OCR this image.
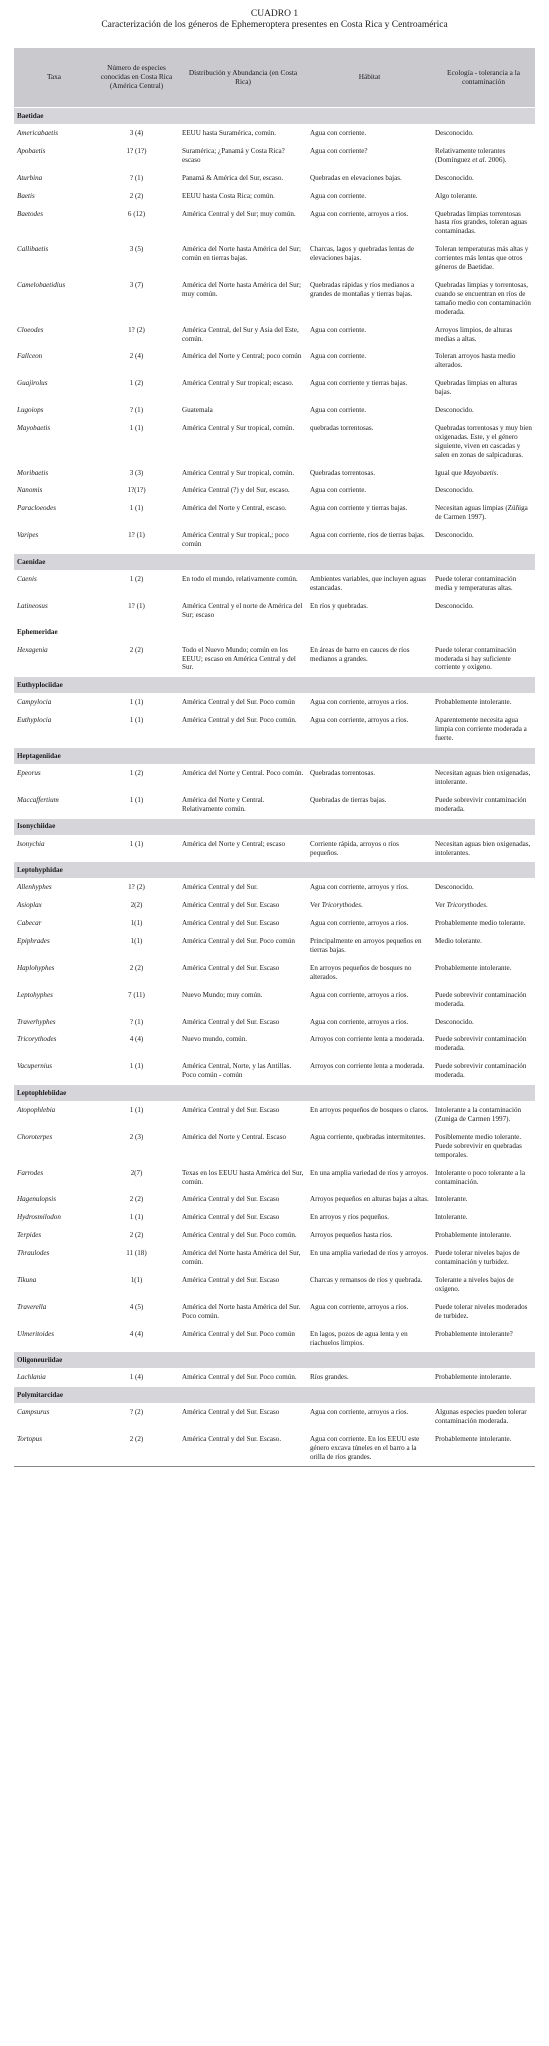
CUADRO 1
Caracterización de los géneros de Ephemeroptera presentes en Costa Rica y Centroamérica
Taxa	Número de especies conocidas en Costa Rica (América Central)	Distribución y Abundancia (en Costa Rica)	Hábitat	Ecología - tolerancia a la contaminación
Baetidae				
Americabaetis	3 (4)	EEUU hasta Suramérica, común.	Agua con corriente.	Desconocido.
Apobaetis	1? (1?)	Suramérica; ¿Panamá y Costa Rica? escaso	Agua con corriente?	Relativamente tolerantes (Domínguez et al. 2006).
Aturbina	? (1)	Panamá & América del Sur, escaso.	Quebradas en elevaciones bajas.	Desconocido.
Baetis	2 (2)	EEUU hasta Costa Rica; común.	Agua con corriente.	Algo tolerante.
Baetodes	6 (12)	América Central y del Sur; muy común.	Agua con corriente, arroyos a ríos.	Quebradas limpias torrentosas hasta ríos grandes, toleran aguas contaminadas.
Callibaetis	3 (5)	América del Norte hasta América del Sur; común en tierras bajas.	Charcas, lagos y quebradas lentas de elevaciones bajas.	Toleran temperaturas más altas y corrientes más lentas que otros géneros de Baetidae.
Camelobaetidius	3 (7)	América del Norte hasta América del Sur; muy común.	Quebradas rápidas y ríos medianos a grandes de montañas y tierras bajas.	Quebradas limpias y torrentosas, cuando se encuentran en ríos de tamaño medio con contaminación moderada.
Cloeodes	1? (2)	América Central, del Sur y Asia del Este, común.	Agua con corriente.	Arroyos limpios, de alturas medias a altas.
Fallceon	2 (4)	América del Norte y Central; poco común	Agua con corriente.	Toleran arroyos hasta medio alterados.
Guajirolus	1 (2)	América Central y Sur tropical; escaso.	Agua con corriente y tierras bajas.	Quebradas limpias en alturas bajas.
Lugoiops	? (1)	Guatemala	Agua con corriente.	Desconocido.
Mayobaetis	1 (1)	América Central y Sur tropical, común.	quebradas torrentosas.	Quebradas torrentosas y muy bien oxigenadas. Este, y el género siguiente, viven en cascadas y salen en zonas de salpicaduras.
Moribaetis	3 (3)	América Central y Sur tropical, común.	Quebradas torrentosas.	Igual que Mayobaetis.
Nanomis	1?(1?)	América Central (?) y del Sur, escaso.	Agua con corriente.	Desconocido.
Paracloeodes	1 (1)	América del Norte y Central, escaso.	Agua con corriente y tierras bajas.	Necesitan aguas limpias (Zúñiga de Carmen 1997).
Varipes	1? (1)	América Central y Sur tropical,; poco común	Agua con corriente, ríos de tierras bajas.	Desconocido.
Caenidae				
Caenis	1 (2)	En todo el mundo, relativamente común.	Ambientes variables, que incluyen aguas estancadas.	Puede tolerar contaminación media y temperaturas altas.
Latineosus	1? (1)	América Central y el norte de América del Sur; escaso	En ríos y quebradas.	Desconocido.
Ephemeridae				
Hexagenia	2 (2)	Todo el Nuevo Mundo; común en los EEUU; escaso en América Central y del Sur.	En áreas de barro en cauces de ríos medianos a grandes.	Puede tolerar contaminación moderada si hay suficiente corriente y oxígeno.
Euthyplociidae				
Campylocia	1 (1)	América Central y del Sur. Poco común	Agua con corriente, arroyos a ríos.	Probablemente intolerante.
Euthyplocia	1 (1)	América Central y del Sur. Poco común.	Agua con corriente, arroyos a ríos.	Aparentemente necesita agua limpia con corriente moderada a fuerte.
Heptageniidae				
Epeorus	1 (2)	América del Norte y Central. Poco común.	Quebradas torrentosas.	Necesitan aguas bien oxigenadas, intolerante.
Maccaffertium	1 (1)	América del Norte y Central. Relativamente común.	Quebradas de tierras bajas.	Puede sobrevivir contaminación moderada.
Isonychiidae				
Isonychia	1 (1)	América del Norte y Central; escaso	Corriente rápida, arroyos o ríos pequeños.	Necesitan aguas bien oxigenadas, intolerantes.
Leptohyphidae				
Allenhyphes	1? (2)	América Central y del Sur.	Agua con corriente, arroyos y ríos.	Desconocido.
Asioplax	2(2)	América Central y del Sur. Escaso	Ver Tricorythodes.	Ver Tricorythodes.
Cabecar	1(1)	América Central y del Sur. Escaso	Agua con corriente, arroyos a ríos.	Probablemente medio tolerante.
Epiphrades	1(1)	América Central y del Sur. Poco común	Principalmente en arroyos pequeños en tierras bajas.	Medio tolerante.
Haplohyphes	2 (2)	América Central y del Sur. Escaso	En arroyos pequeños de bosques no alterados.	Probablemente intolerante.
Leptohyphes	7 (11)	Nuevo Mundo; muy común.	Agua con corriente, arroyos a ríos.	Puede sobrevivir contaminación moderada.
Traverhyphes	? (1)	América Central y del Sur. Escaso	Agua con corriente, arroyos a ríos.	Desconocido.
Tricorythodes	4 (4)	Nuevo mundo, común.	Arroyos con corriente lenta a moderada.	Puede sobrevivir contaminación moderada.
Vacupernius	1 (1)	América Central, Norte, y las Antillas. Poco común - común	Arroyos con corriente lenta a moderada.	Puede sobrevivir contaminación moderada.
Leptophlebiidae				
Atopophlebia	1 (1)	América Central y del Sur. Escaso	En arroyos pequeños de bosques o claros.	Intolerante a la contaminación (Zuniga de Carmen 1997).
Choroterpes	2 (3)	América del Norte y Central. Escaso	Agua corriente, quebradas intermitentes.	Posiblemente medio tolerante. Puede sobrevivir en quebradas temporales.
Farrodes	2(7)	Texas en los EEUU hasta América del Sur, común.	En una amplia variedad de ríos y arroyos.	Intolerante o poco tolerante a la contaminación.
Hagenulopsis	2 (2)	América Central y del Sur. Escaso	Arroyos pequeños en alturas bajas a altas.	Intolerante.
Hydrosmilodon	1 (1)	América Central y del Sur. Escaso	En arroyos y ríos pequeños.	Intolerante.
Terpides	2 (2)	América Central y del Sur. Poco común.	Arroyos pequeños hasta ríos.	Probablemente intolerante.
Thraulodes	11 (18)	América del Norte hasta América del Sur, común.	En una amplia variedad de ríos y arroyos.	Puede tolerar niveles bajos de contaminación y turbidez.
Tikuna	1(1)	América Central y del Sur. Escaso	Charcas y remansos de ríos y quebrada.	Tolerante a niveles bajos de oxígeno.
Traverella	4 (5)	América del Norte hasta América del Sur. Poco común.	Agua con corriente, arroyos a ríos.	Puede tolerar niveles moderados de turbidez.
Ulmeritoides	4 (4)	América Central y del Sur. Poco común	En lagos, pozos de agua lenta y en riachuelos limpios.	Probablemente intolerante?
Oligoneuriidae				
Lachlania	1 (4)	América Central y del Sur. Poco común.	Ríos grandes.	Probablemente intolerante.
Polymitarcidae				
Campsurus	? (2)	América Central y del Sur. Escaso	Agua con corriente, arroyos a ríos.	Algunas especies pueden tolerar contaminación moderada.
Tortopus	2 (2)	América Central y del Sur. Escaso.	Agua con corriente. En los EEUU este género excava túneles en el barro a la orilla de ríos grandes.	Probablemente intolerante.
